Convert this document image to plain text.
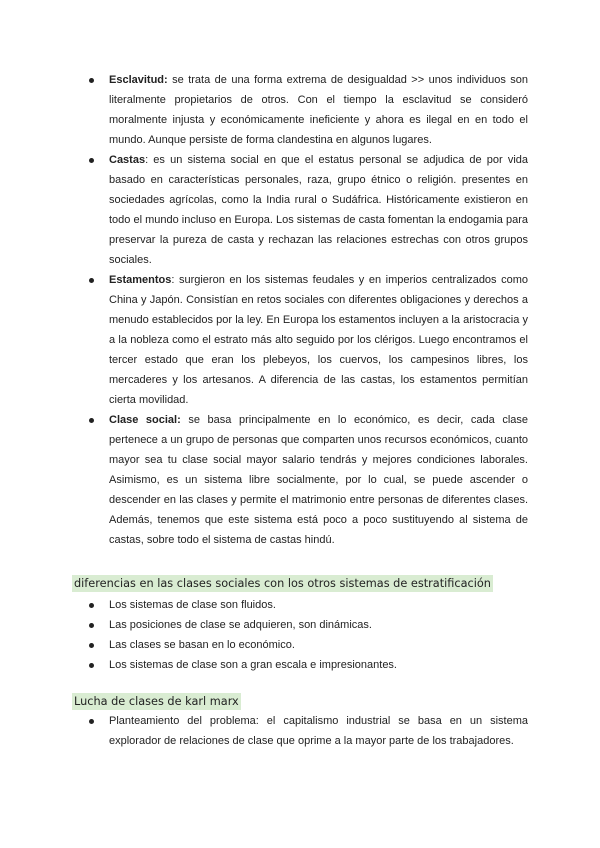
Esclavitud: se trata de una forma extrema de desigualdad >> unos individuos son literalmente propietarios de otros. Con el tiempo la esclavitud se consideró moralmente injusta y económicamente ineficiente y ahora es ilegal en en todo el mundo. Aunque persiste de forma clandestina en algunos lugares.
Castas: es un sistema social en que el estatus personal se adjudica de por vida basado en características personales, raza, grupo étnico o religión. presentes en sociedades agrícolas, como la India rural o Sudáfrica. Históricamente existieron en todo el mundo incluso en Europa. Los sistemas de casta fomentan la endogamia para preservar la pureza de casta y rechazan las relaciones estrechas con otros grupos sociales.
Estamentos: surgieron en los sistemas feudales y en imperios centralizados como China y Japón. Consistían en retos sociales con diferentes obligaciones y derechos a menudo establecidos por la ley. En Europa los estamentos incluyen a la aristocracia y a la nobleza como el estrato más alto seguido por los clérigos. Luego encontramos el tercer estado que eran los plebeyos, los cuervos, los campesinos libres, los mercaderes y los artesanos. A diferencia de las castas, los estamentos permitían cierta movilidad.
Clase social: se basa principalmente en lo económico, es decir, cada clase pertenece a un grupo de personas que comparten unos recursos económicos, cuanto mayor sea tu clase social mayor salario tendrás y mejores condiciones laborales. Asimismo, es un sistema libre socialmente, por lo cual, se puede ascender o descender en las clases y permite el matrimonio entre personas de diferentes clases. Además, tenemos que este sistema está poco a poco sustituyendo al sistema de castas, sobre todo el sistema de castas hindú.
diferencias en las clases sociales con los otros sistemas de estratificación
Los sistemas de clase son fluidos.
Las posiciones de clase se adquieren, son dinámicas.
Las clases se basan en lo económico.
Los sistemas de clase son a gran escala e impresionantes.
Lucha de clases de karl marx
Planteamiento del problema: el capitalismo industrial se basa en un sistema explorador de relaciones de clase que oprime a la mayor parte de los trabajadores.
